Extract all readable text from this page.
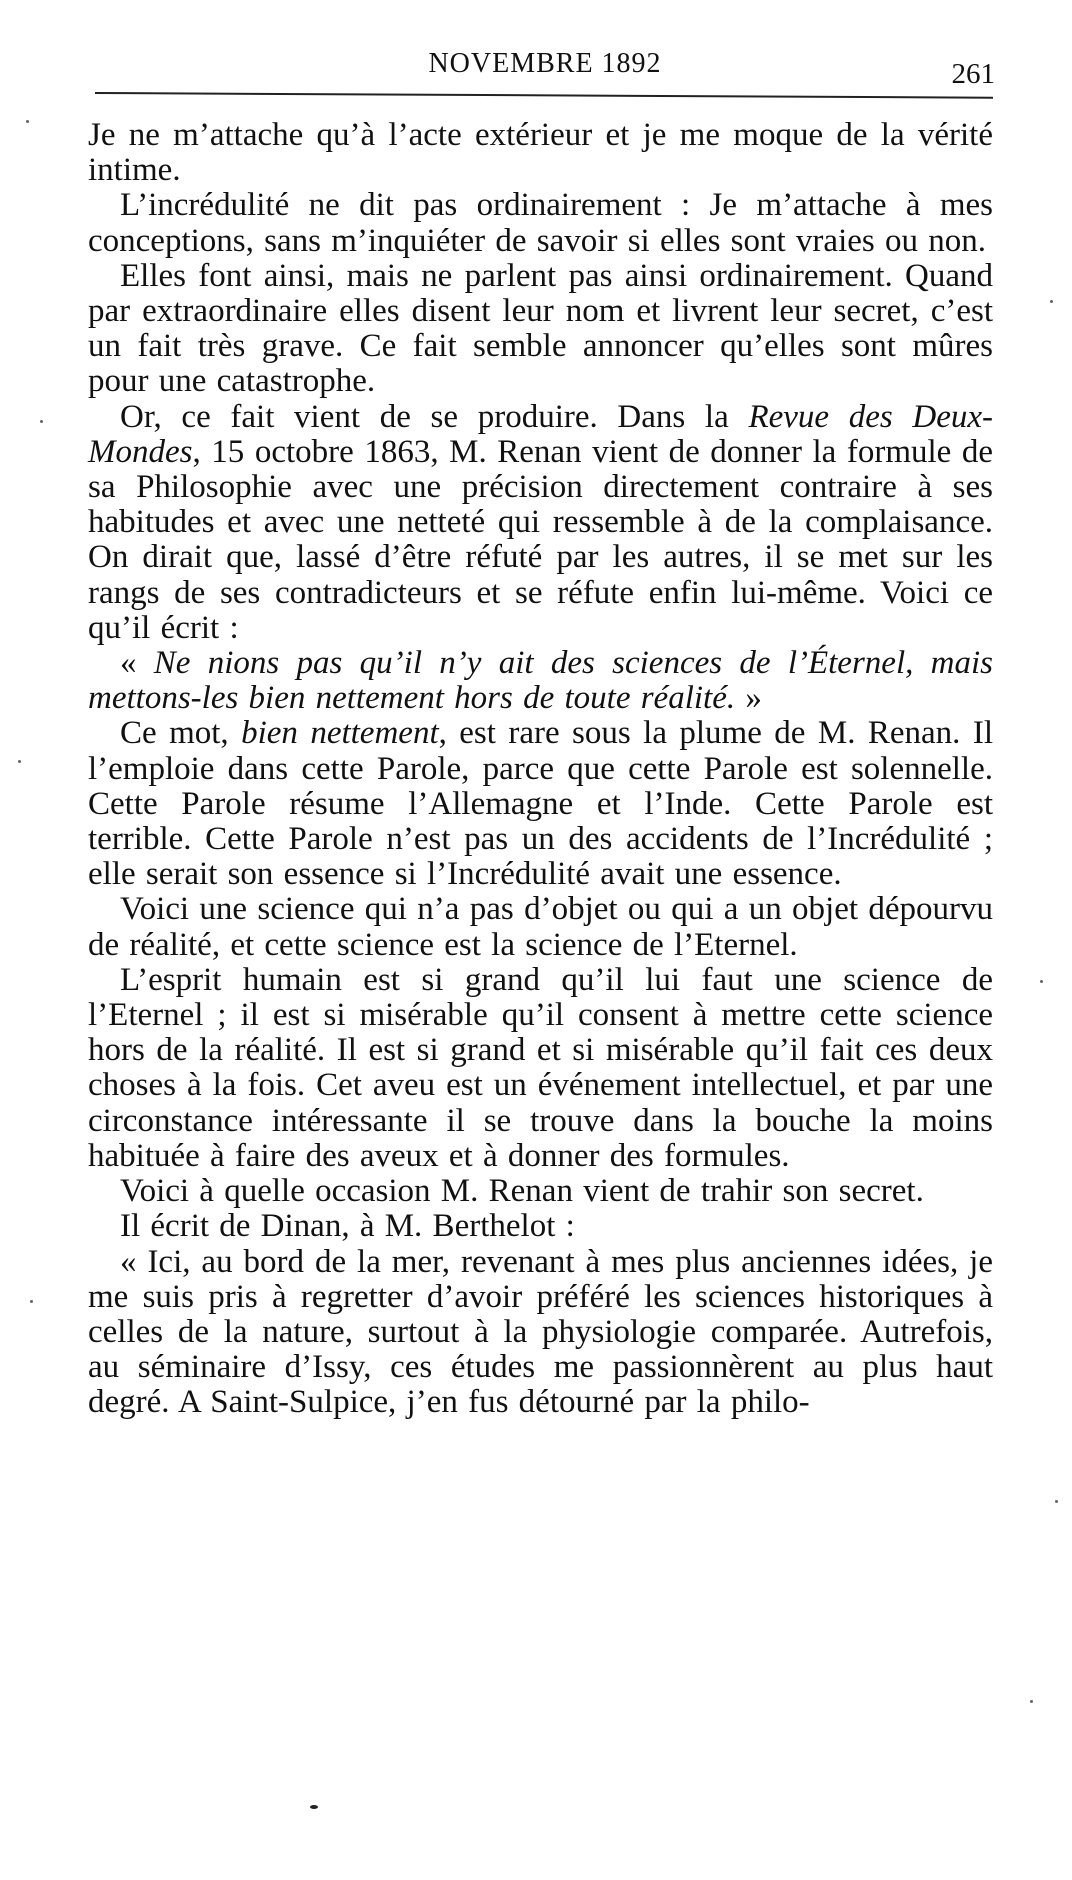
NOVEMBRE 1892	261

Je ne m’attache qu’à l’acte extérieur et je me moque de la vérité intime.

L’incrédulité ne dit pas ordinairement : Je m’attache à mes conceptions, sans m’inquiéter de savoir si elles sont vraies ou non.

Elles font ainsi, mais ne parlent pas ainsi ordinairement. Quand par extraordinaire elles disent leur nom et livrent leur secret, c’est un fait très grave. Ce fait semble annoncer qu’elles sont mûres pour une catastrophe.

Or, ce fait vient de se produire. Dans la Revue des Deux-Mondes, 15 octobre 1863, M. Renan vient de donner la formule de sa Philosophie avec une précision directement contraire à ses habitudes et avec une netteté qui ressemble à de la complaisance. On dirait que, lassé d’être réfuté par les autres, il se met sur les rangs de ses contradicteurs et se réfute enfin lui-même. Voici ce qu’il écrit :

« Ne nions pas qu’il n’y ait des sciences de l’Éternel, mais mettons-les bien nettement hors de toute réalité. »

Ce mot, bien nettement, est rare sous la plume de M. Renan. Il l’emploie dans cette Parole, parce que cette Parole est solennelle. Cette Parole résume l’Allemagne et l’Inde. Cette Parole est terrible. Cette Parole n’est pas un des accidents de l’Incrédulité ; elle serait son essence si l’Incrédulité avait une essence.

Voici une science qui n’a pas d’objet ou qui a un objet dépourvu de réalité, et cette science est la science de l’Eternel.

L’esprit humain est si grand qu’il lui faut une science de l’Eternel ; il est si misérable qu’il consent à mettre cette science hors de la réalité. Il est si grand et si misérable qu’il fait ces deux choses à la fois. Cet aveu est un événement intellectuel, et par une circonstance intéressante il se trouve dans la bouche la moins habituée à faire des aveux et à donner des formules.

Voici à quelle occasion M. Renan vient de trahir son secret.

Il écrit de Dinan, à M. Berthelot :

« Ici, au bord de la mer, revenant à mes plus anciennes idées, je me suis pris à regretter d’avoir préféré les sciences historiques à celles de la nature, surtout à la physiologie comparée. Autrefois, au séminaire d’Issy, ces études me passionnèrent au plus haut degré. A Saint-Sulpice, j’en fus détourné par la philo-
